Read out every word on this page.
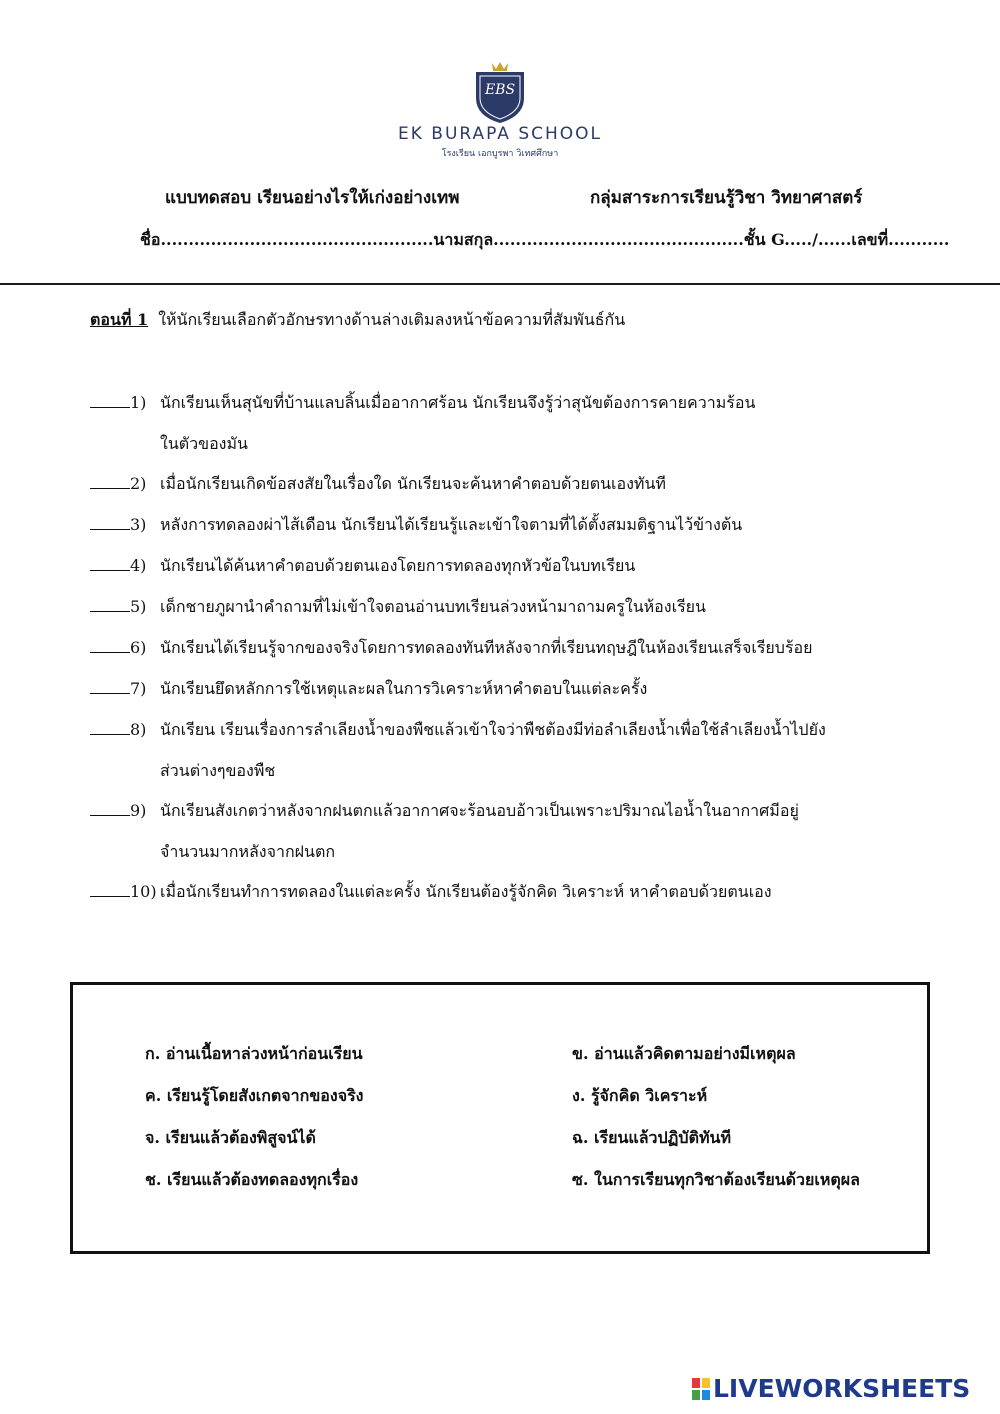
EBS
EK BURAPA SCHOOL
โรงเรียน เอกบูรพา วิเทศศึกษา
แบบทดสอบ เรียนอย่างไรให้เก่งอย่างเทพ	กลุ่มสาระการเรียนรู้วิชา วิทยาศาสตร์
ชื่อ.................................................นามสกุล.............................................ชั้น G...../......เลขที่...........
ตอนที่ 1 ให้นักเรียนเลือกตัวอักษรทางด้านล่างเติมลงหน้าข้อความที่สัมพันธ์กัน
1) นักเรียนเห็นสุนัขที่บ้านแลบลิ้นเมื่ออากาศร้อน นักเรียนจึงรู้ว่าสุนัขต้องการคายความร้อน
ในตัวของมัน
2) เมื่อนักเรียนเกิดข้อสงสัยในเรื่องใด นักเรียนจะค้นหาคำตอบด้วยตนเองทันที
3) หลังการทดลองผ่าไส้เดือน นักเรียนได้เรียนรู้และเข้าใจตามที่ได้ตั้งสมมติฐานไว้ข้างต้น
4) นักเรียนได้ค้นหาคำตอบด้วยตนเองโดยการทดลองทุกหัวข้อในบทเรียน
5) เด็กชายภูผานำคำถามที่ไม่เข้าใจตอนอ่านบทเรียนล่วงหน้ามาถามครูในห้องเรียน
6) นักเรียนได้เรียนรู้จากของจริงโดยการทดลองทันทีหลังจากที่เรียนทฤษฎีในห้องเรียนเสร็จเรียบร้อย
7) นักเรียนยึดหลักการใช้เหตุและผลในการวิเคราะห์หาคำตอบในแต่ละครั้ง
8) นักเรียน เรียนเรื่องการลำเลียงน้ำของพืชแล้วเข้าใจว่าพืชต้องมีท่อลำเลียงน้ำเพื่อใช้ลำเลียงน้ำไปยัง
ส่วนต่างๆของพืช
9) นักเรียนสังเกตว่าหลังจากฝนตกแล้วอากาศจะร้อนอบอ้าวเป็นเพราะปริมาณไอน้ำในอากาศมีอยู่
จำนวนมากหลังจากฝนตก
10) เมื่อนักเรียนทำการทดลองในแต่ละครั้ง นักเรียนต้องรู้จักคิด วิเคราะห์ หาคำตอบด้วยตนเอง
ก. อ่านเนื้อหาล่วงหน้าก่อนเรียน
ค. เรียนรู้โดยสังเกตจากของจริง
จ. เรียนแล้วต้องพิสูจน์ได้
ช. เรียนแล้วต้องทดลองทุกเรื่อง
ข. อ่านแล้วคิดตามอย่างมีเหตุผล
ง. รู้จักคิด วิเคราะห์
ฉ. เรียนแล้วปฏิบัติทันที
ซ. ในการเรียนทุกวิชาต้องเรียนด้วยเหตุผล
LIVEWORKSHEETS
